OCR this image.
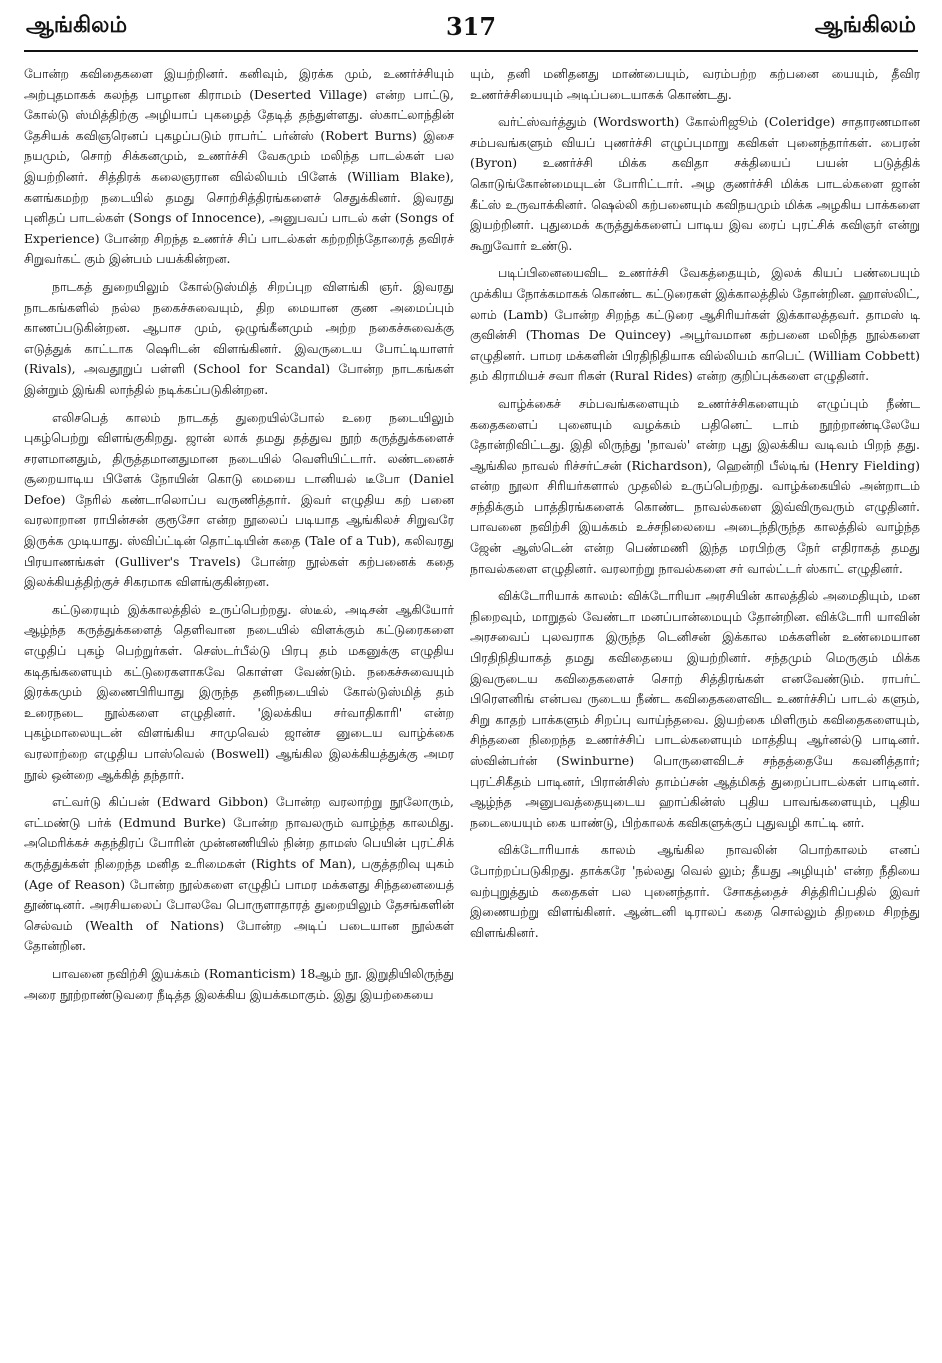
ஆங்கிலம்	317	ஆங்கிலம்

போன்ற கவிதைகளை இயற்றினர். கனிவும், இரக்க மும், உணர்ச்சியும் அற்புதமாகக் கலந்த பாழான கிராமம் (Deserted Village) என்ற பாட்டு, கோல்டு ஸ்மித்திற்கு அழியாப் புகழைத் தேடித் தந்துள்ளது. ஸ்காட்லாந்தின் தேசியக் கவிஞரெனப் புகழப்படும் ராபர்ட் பர்ன்ஸ் (Robert Burns) இசை நயமும், சொற் சிக்கனமும், உணர்ச்சி வேகமும் மலிந்த பாடல்கள் பல இயற்றினர். சித்திரக் கலைஞரான வில்லியம் பிளேக் (William Blake), களங்கமற்ற நடையில் தமது சொற்சித்திரங்களைச் செதுக்கினர். இவரது புனிதப் பாடல்கள் (Songs of Innocence), அனுபவப் பாடல் கள் (Songs of Experience) போன்ற சிறந்த உணர்ச் சிப் பாடல்கள் கற்றறிந்தோரைத் தவிரச் சிறுவர்கட் கும் இன்பம் பயக்கின்றன.

நாடகத் துறையிலும் கோல்டுஸ்மித் சிறப்புற விளங்கி ஞர். இவரது நாடகங்களில் நல்ல நகைச்சுவையும், திற மையான குண அமைப்பும் காணப்படுகின்றன. ஆபாச மும், ஒழுங்கீனமும் அற்ற நகைச்சுவைக்கு எடுத்துக் காட்டாக ஷெரிடன் விளங்கினர். இவருடைய போட்டியாளர் (Rivals), அவதூறுப் பள்ளி (School for Scandal) போன்ற நாடகங்கள் இன்றும் இங்கி லாந்தில் நடிக்கப்படுகின்றன.

எலிசபெத் காலம் நாடகத் துறையில்போல் உரை நடையிலும் புகழ்பெற்று விளங்குகிறது. ஜான் லாக் தமது தத்துவ நூற் கருத்துக்களைச் சரளமானதும், திருத்தமானதுமான நடையில் வெளியிட்டார். லண்டனைச் சூறையாடிய பிளேக் நோயின் கொடு மையை டானியல் டீபோ (Daniel Defoe) நேரில் கண்டாலொப்ப வருணித்தார். இவர் எழுதிய கற் பனை வரலாறான ராபின்சன் குரூசோ என்ற நூலைப் படியாத ஆங்கிலச் சிறுவரே இருக்க முடியாது. ஸ்விப்ட்டின் தொட்டியின் கதை (Tale of a Tub), கலிவரது பிரயாணங்கள் (Gulliver's Travels) போன்ற நூல்கள் கற்பனைக் கதை இலக்கியத்திற்குச் சிகரமாக விளங்குகின்றன.

கட்டுரையும் இக்காலத்தில் உருப்பெற்றது. ஸ்டீல், அடிசன் ஆகியோர் ஆழ்ந்த கருத்துக்களைத் தெளிவான நடையில் விளக்கும் கட்டுரைகளை எழுதிப் புகழ் பெற்றுர்கள். செஸ்டர்பீல்டு பிரபு தம் மகனுக்கு எழுதிய கடிதங்களையும் கட்டுரைகளாகவே கொள்ள வேண்டும். நகைச்சுவையும் இரக்கமும் இணைபிரியாது இருந்த தனிநடையில் கோல்டுஸ்மித் தம் உரைநடை நூல்களை எழுதினர். 'இலக்கிய சர்வாதிகாரி' என்ற புகழ்மாலையுடன் விளங்கிய சாமுவெல் ஜான்ச னுடைய வாழ்க்கை வரலாற்றை எழுதிய பாஸ்வெல் (Boswell) ஆங்கில இலக்கியத்துக்கு அமர நூல் ஒன்றை ஆக்கித் தந்தார்.

எட்வர்டு கிப்பன் (Edward Gibbon) போன்ற வரலாற்று நூலோரும், எட்மண்டு பர்க் (Edmund Burke) போன்ற நாவலரும் வாழ்ந்த காலமிது. அமெரிக்கச் சுதந்திரப் போரின் முன்னணியில் நின்ற தாமஸ் பெயின் புரட்சிக் கருத்துக்கள் நிறைந்த மனித உரிமைகள் (Rights of Man), பகுத்தறிவு யுகம் (Age of Reason) போன்ற நூல்களை எழுதிப் பாமர மக்களது சிந்தனையைத் தூண்டினர். அரசியலைப் போலவே பொருளாதாரத் துறையிலும் தேசங்களின் செல்வம் (Wealth of Nations) போன்ற அடிப் படையான நூல்கள் தோன்றின.

பாவனை நவிற்சி இயக்கம் (Romanticism) 18ஆம் நூ. இறுதியிலிருந்து அரை நூற்றாண்டுவரை நீடித்த இலக்கிய இயக்கமாகும். இது இயற்கையை

யும், தனி மனிதனது மாண்பையும், வரம்பற்ற கற்பனை யையும், தீவிர உணர்ச்சியையும் அடிப்படையாகக் கொண்டது.

வர்ட்ஸ்வர்த்தும் (Wordsworth) கோல்ரிஜூம் (Coleridge) சாதாரணமான சம்பவங்களும் வியப் புணர்ச்சி எழுப்புமாறு கவிகள் புனைந்தார்கள். பைரன் (Byron) உணர்ச்சி மிக்க கவிதா சக்தியைப் பயன் படுத்திக் கொடுங்கோன்மையுடன் போரிட்டார். அழ குணர்ச்சி மிக்க பாடல்களை ஜான் கீட்ஸ் உருவாக்கினர். ஷெல்லி கற்பனையும் கவிநயமும் மிக்க அழகிய பாக்களை இயற்றினர். புதுமைக் கருத்துக்களைப் பாடிய இவ ரைப் புரட்சிக் கவிஞர் என்று கூறுவோர் உண்டு.

படிப்பினையைவிட உணர்ச்சி வேகத்தையும், இலக் கியப் பண்பையும் முக்கிய நோக்கமாகக் கொண்ட கட்டுரைகள் இக்காலத்தில் தோன்றின. ஹாஸ்லிட், லாம் (Lamb) போன்ற சிறந்த கட்டுரை ஆசிரியர்கள் இக்காலத்தவர். தாமஸ் டி குவின்சி (Thomas De Quincey) அபூர்வமான கற்பனை மலிந்த நூல்களை எழுதினர். பாமர மக்களின் பிரதிநிதியாக வில்லியம் காபெட் (William Cobbett) தம் கிராமியச் சவா ரிகள் (Rural Rides) என்ற குறிப்புக்களை எழுதினர்.

வாழ்க்கைச் சம்பவங்களையும் உணர்ச்சிகளையும் எழுப்பும் நீண்ட கதைகளைப் புனையும் வழக்கம் பதினெட் டாம் நூற்றாண்டிலேயே தோன்றிவிட்டது. இதி லிருந்து 'நாவல்' என்ற புது இலக்கிய வடிவம் பிறந் தது. ஆங்கில நாவல் ரிச்சர்ட்சன் (Richardson), ஹென்றி பீல்டிங் (Henry Fielding) என்ற நூலா சிரியர்களால் முதலில் உருப்பெற்றது. வாழ்க்கையில் அன்றாடம் சந்திக்கும் பாத்திரங்களைக் கொண்ட நாவல்களை இவ்விருவரும் எழுதினர். பாவனை நவிற்சி இயக்கம் உச்சநிலையை அடைந்திருந்த காலத்தில் வாழ்ந்த ஜேன் ஆஸ்டென் என்ற பெண்மணி இந்த மரபிற்கு நேர் எதிராகத் தமது நாவல்களை எழுதினர். வரலாற்று நாவல்களை சர் வால்ட்டர் ஸ்காட் எழுதினர்.

விக்டோரியாக் காலம்: விக்டோரியா அரசியின் காலத்தில் அமைதியும், மன நிறைவும், மாறுதல் வேண்டா மனப்பான்மையும் தோன்றின. விக்டோரி யாவின் அரசவைப் புலவராக இருந்த டெனிசன் இக்கால மக்களின் உண்மையான பிரதிநிதியாகத் தமது கவிதையை இயற்றினர். சந்தமும் மெருகும் மிக்க இவருடைய கவிதைகளைச் சொற் சித்திரங்கள் எனவேண்டும். ராபர்ட் பிரௌனிங் என்பவ ருடைய நீண்ட கவிதைகளைவிட உணர்ச்சிப் பாடல் களும், சிறு காதற் பாக்களும் சிறப்பு வாய்ந்தவை. இயற்கை மிளிரும் கவிதைகளையும், சிந்தனை நிறைந்த உணர்ச்சிப் பாடல்களையும் மாத்தியு ஆர்னல்டு பாடினர். ஸ்வின்பர்ன் (Swinburne) பொருளைவிடச் சந்தத்தையே கவனித்தார்; புரட்சிகீதம் பாடினர், பிரான்சிஸ் தாம்ப்சன் ஆத்மிகத் துறைப்பாடல்கள் பாடினர். ஆழ்ந்த அனுபவத்தையுடைய ஹாப்கின்ஸ் புதிய பாவங்களையும், புதிய நடையையும் கை யாண்டு, பிற்காலக் கவிகளுக்குப் புதுவழி காட்டி னர்.

விக்டோரியாக் காலம் ஆங்கில நாவலின் பொற்காலம் எனப் போற்றப்படுகிறது. தாக்கரே 'நல்லது வெல் லும்; தீயது அழியும்' என்ற நீதியை வற்புறுத்தும் கதைகள் பல புனைந்தார். சோகத்தைச் சித்திரிப்பதில் இவர் இணையற்று விளங்கினர். ஆன்டனி டிராலப் கதை சொல்லும் திறமை சிறந்து விளங்கினர்.
